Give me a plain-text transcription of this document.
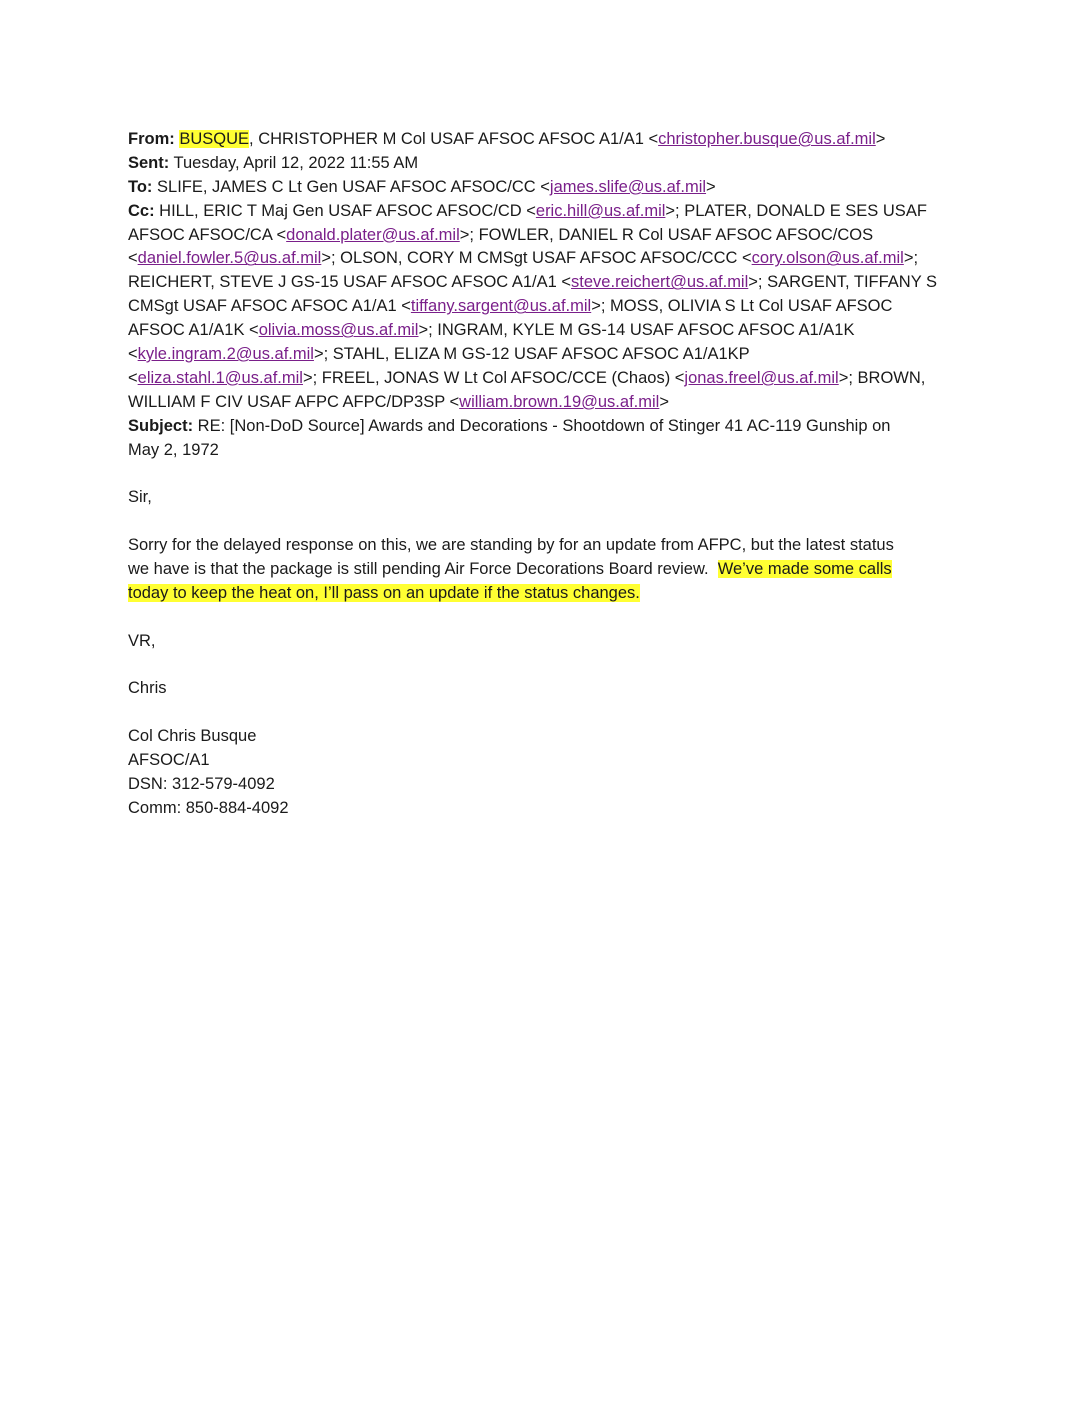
From: BUSQUE, CHRISTOPHER M Col USAF AFSOC AFSOC A1/A1 <christopher.busque@us.af.mil>
Sent: Tuesday, April 12, 2022 11:55 AM
To: SLIFE, JAMES C Lt Gen USAF AFSOC AFSOC/CC <james.slife@us.af.mil>
Cc: HILL, ERIC T Maj Gen USAF AFSOC AFSOC/CD <eric.hill@us.af.mil>; PLATER, DONALD E SES USAF
AFSOC AFSOC/CA <donald.plater@us.af.mil>; FOWLER, DANIEL R Col USAF AFSOC AFSOC/COS
<daniel.fowler.5@us.af.mil>; OLSON, CORY M CMSgt USAF AFSOC AFSOC/CCC <cory.olson@us.af.mil>;
REICHERT, STEVE J GS-15 USAF AFSOC AFSOC A1/A1 <steve.reichert@us.af.mil>; SARGENT, TIFFANY S
CMSgt USAF AFSOC AFSOC A1/A1 <tiffany.sargent@us.af.mil>; MOSS, OLIVIA S Lt Col USAF AFSOC
AFSOC A1/A1K <olivia.moss@us.af.mil>; INGRAM, KYLE M GS-14 USAF AFSOC AFSOC A1/A1K
<kyle.ingram.2@us.af.mil>; STAHL, ELIZA M GS-12 USAF AFSOC AFSOC A1/A1KP
<eliza.stahl.1@us.af.mil>; FREEL, JONAS W Lt Col AFSOC/CCE (Chaos) <jonas.freel@us.af.mil>; BROWN,
WILLIAM F CIV USAF AFPC AFPC/DP3SP <william.brown.19@us.af.mil>
Subject: RE: [Non-DoD Source] Awards and Decorations - Shootdown of Stinger 41 AC-119 Gunship on
May 2, 1972
Sir,
Sorry for the delayed response on this, we are standing by for an update from AFPC, but the latest status
we have is that the package is still pending Air Force Decorations Board review.  We’ve made some calls
today to keep the heat on, I’ll pass on an update if the status changes.
VR,
Chris
Col Chris Busque
AFSOC/A1
DSN: 312-579-4092
Comm: 850-884-4092
